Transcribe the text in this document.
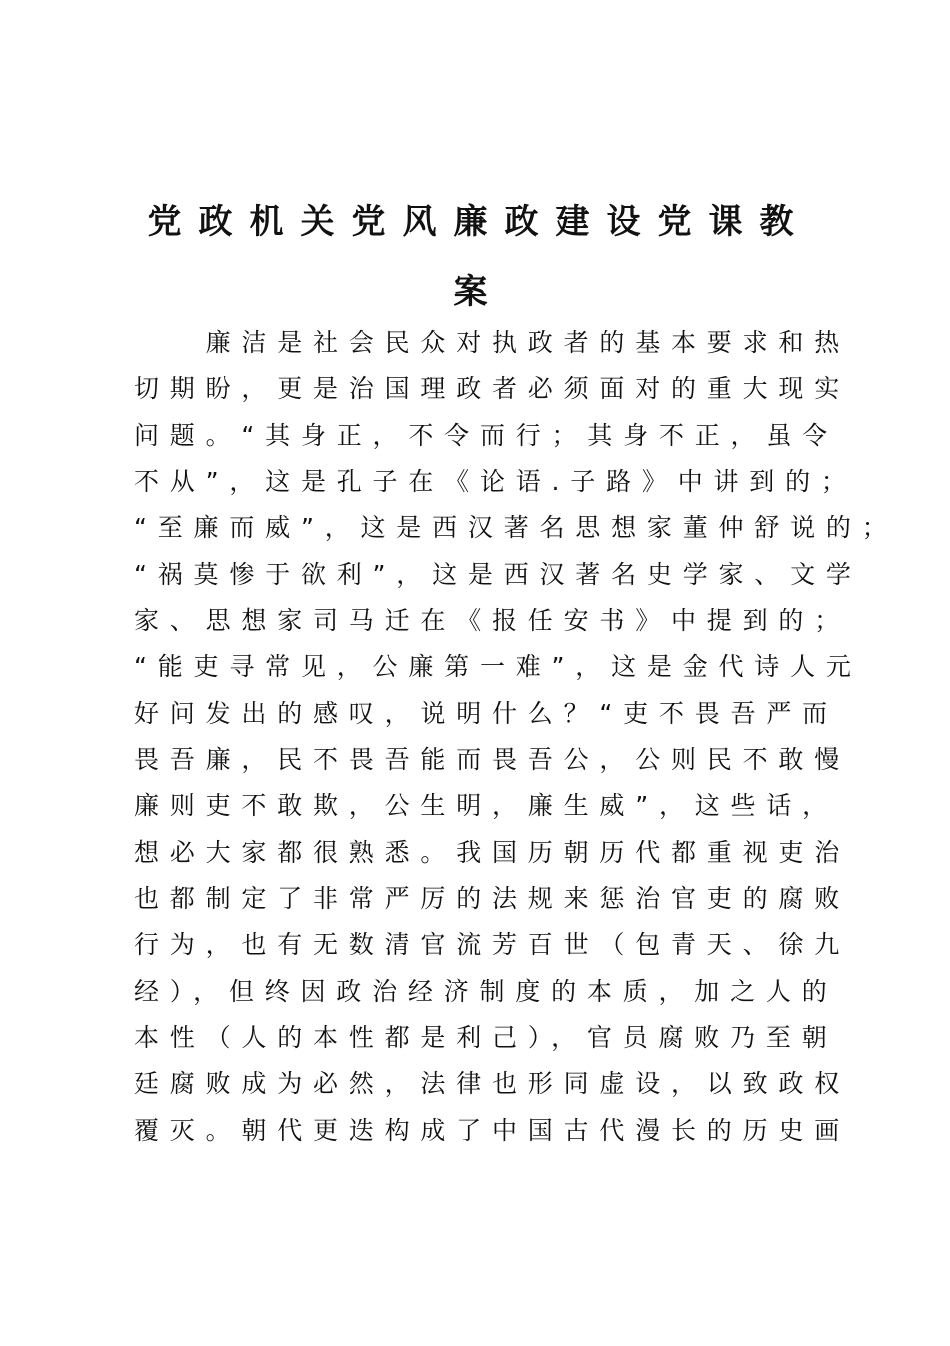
党政机关党风廉政建设党课教
案
　　廉洁是社会民众对执政者的基本要求和热
切期盼，更是治国理政者必须面对的重大现实
问题。“其身正，不令而行；其身不正，虽令
不从”，这是孔子在《论语.子路》中讲到的；
“至廉而威”，这是西汉著名思想家董仲舒说的；
“祸莫惨于欲利”，这是西汉著名史学家、文学
家、思想家司马迁在《报任安书》中提到的；
“能吏寻常见，公廉第一难”，这是金代诗人元
好问发出的感叹，说明什么？“吏不畏吾严而
畏吾廉，民不畏吾能而畏吾公，公则民不敢慢
廉则吏不敢欺，公生明，廉生威”，这些话，
想必大家都很熟悉。我国历朝历代都重视吏治
也都制定了非常严厉的法规来惩治官吏的腐败
行为，也有无数清官流芳百世（包青天、徐九
经），但终因政治经济制度的本质，加之人的
本性（人的本性都是利己），官员腐败乃至朝
廷腐败成为必然，法律也形同虚设，以致政权
覆灭。朝代更迭构成了中国古代漫长的历史画
